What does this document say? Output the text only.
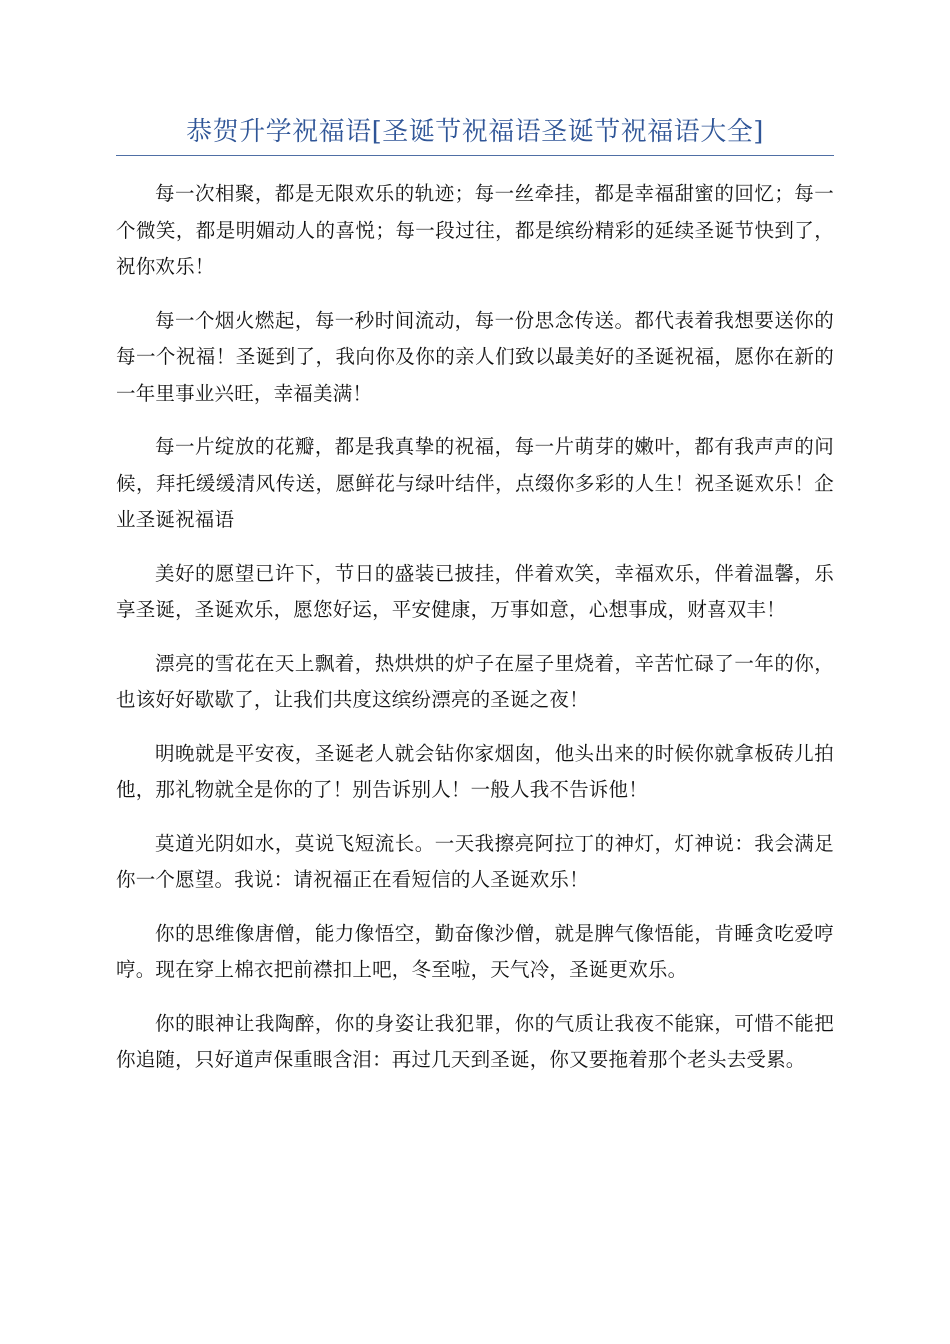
恭贺升学祝福语[圣诞节祝福语圣诞节祝福语大全]

每一次相聚，都是无限欢乐的轨迹；每一丝牵挂，都是幸福甜蜜的回忆；每一个微笑，都是明媚动人的喜悦；每一段过往，都是缤纷精彩的延续圣诞节快到了，祝你欢乐！

每一个烟火燃起，每一秒时间流动，每一份思念传送。都代表着我想要送你的每一个祝福！圣诞到了，我向你及你的亲人们致以最美好的圣诞祝福，愿你在新的一年里事业兴旺，幸福美满！

每一片绽放的花瓣，都是我真挚的祝福，每一片萌芽的嫩叶，都有我声声的问候，拜托缓缓清风传送，愿鲜花与绿叶结伴，点缀你多彩的人生！祝圣诞欢乐！企业圣诞祝福语

美好的愿望已许下，节日的盛装已披挂，伴着欢笑，幸福欢乐，伴着温馨，乐享圣诞，圣诞欢乐，愿您好运，平安健康，万事如意，心想事成，财喜双丰！

漂亮的雪花在天上飘着，热烘烘的炉子在屋子里烧着，辛苦忙碌了一年的你，也该好好歇歇了，让我们共度这缤纷漂亮的圣诞之夜！

明晚就是平安夜，圣诞老人就会钻你家烟囱，他头出来的时候你就拿板砖儿拍他，那礼物就全是你的了！别告诉别人！一般人我不告诉他！

莫道光阴如水，莫说飞短流长。一天我擦亮阿拉丁的神灯，灯神说：我会满足你一个愿望。我说：请祝福正在看短信的人圣诞欢乐！

你的思维像唐僧，能力像悟空，勤奋像沙僧，就是脾气像悟能，肯睡贪吃爱哼哼。现在穿上棉衣把前襟扣上吧，冬至啦，天气冷，圣诞更欢乐。

你的眼神让我陶醉，你的身姿让我犯罪，你的气质让我夜不能寐，可惜不能把你追随，只好道声保重眼含泪：再过几天到圣诞，你又要拖着那个老头去受累。
